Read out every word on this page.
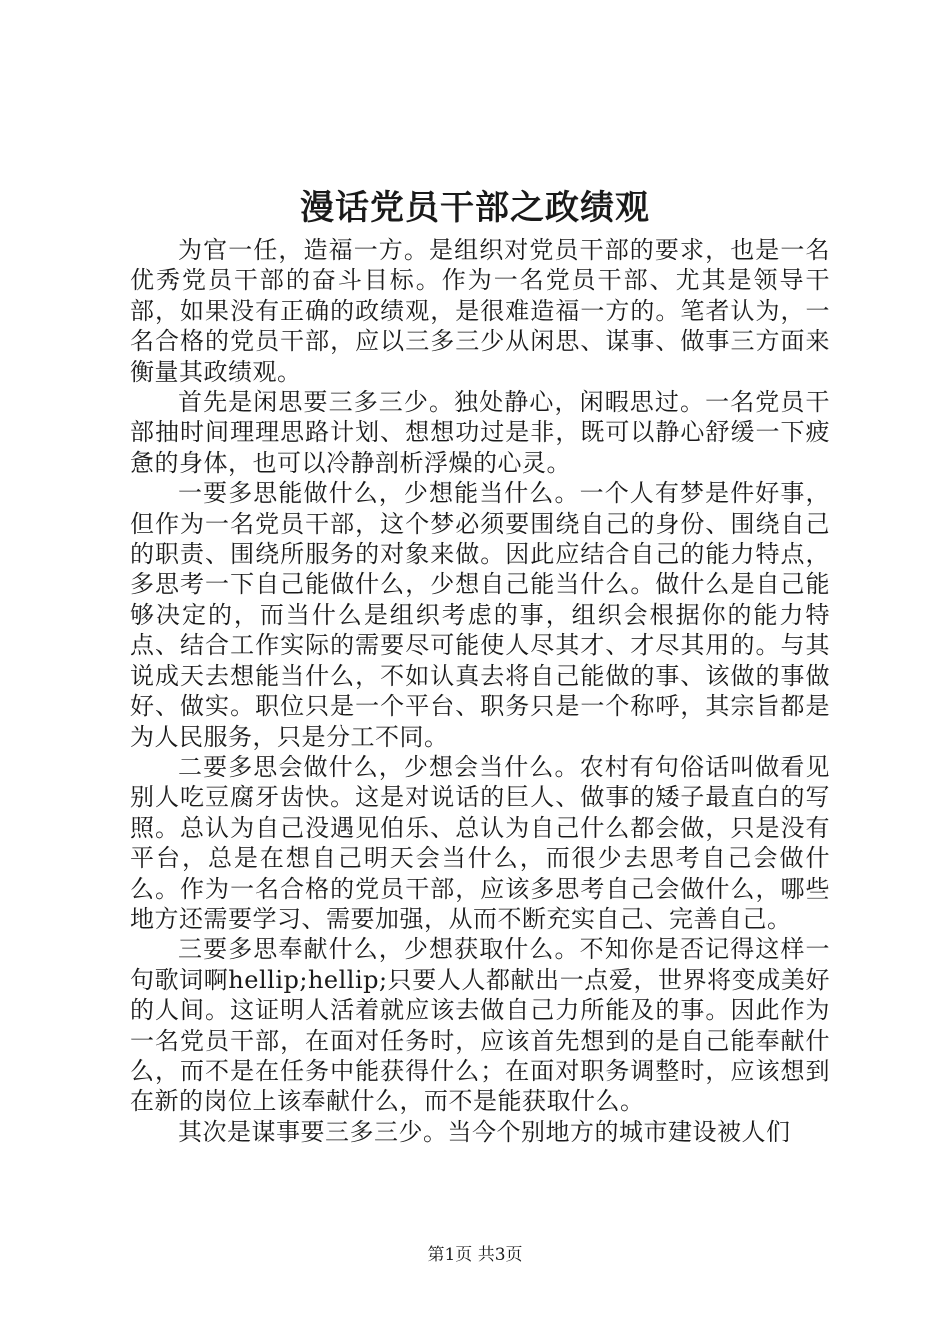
漫话党员干部之政绩观

为官一任，造福一方。是组织对党员干部的要求，也是一名优秀党员干部的奋斗目标。作为一名党员干部、尤其是领导干部，如果没有正确的政绩观，是很难造福一方的。笔者认为，一名合格的党员干部，应以三多三少从闲思、谋事、做事三方面来衡量其政绩观。

首先是闲思要三多三少。独处静心，闲暇思过。一名党员干部抽时间理理思路计划、想想功过是非，既可以静心舒缓一下疲惫的身体，也可以冷静剖析浮燥的心灵。

一要多思能做什么，少想能当什么。一个人有梦是件好事，但作为一名党员干部，这个梦必须要围绕自己的身份、围绕自己的职责、围绕所服务的对象来做。因此应结合自己的能力特点，多思考一下自己能做什么，少想自己能当什么。做什么是自己能够决定的，而当什么是组织考虑的事，组织会根据你的能力特点、结合工作实际的需要尽可能使人尽其才、才尽其用的。与其说成天去想能当什么，不如认真去将自己能做的事、该做的事做好、做实。职位只是一个平台、职务只是一个称呼，其宗旨都是为人民服务，只是分工不同。

二要多思会做什么，少想会当什么。农村有句俗话叫做看见别人吃豆腐牙齿快。这是对说话的巨人、做事的矮子最直白的写照。总认为自己没遇见伯乐、总认为自己什么都会做，只是没有平台，总是在想自己明天会当什么，而很少去思考自己会做什么。作为一名合格的党员干部，应该多思考自己会做什么，哪些地方还需要学习、需要加强，从而不断充实自己、完善自己。

三要多思奉献什么，少想获取什么。不知你是否记得这样一句歌词啊hellip;hellip;只要人人都献出一点爱，世界将变成美好的人间。这证明人活着就应该去做自己力所能及的事。因此作为一名党员干部，在面对任务时，应该首先想到的是自己能奉献什么，而不是在任务中能获得什么；在面对职务调整时，应该想到在新的岗位上该奉献什么，而不是能获取什么。

其次是谋事要三多三少。当今个别地方的城市建设被人们

第1页 共3页
